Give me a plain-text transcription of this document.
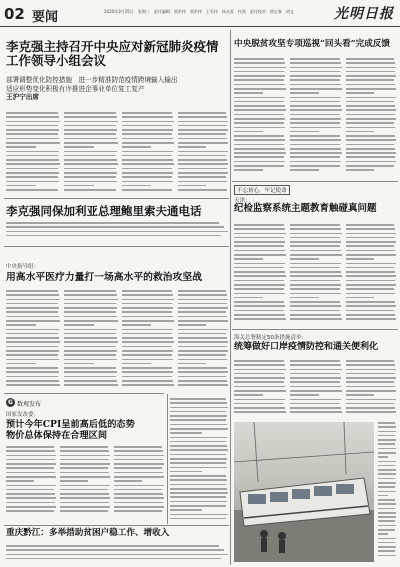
02 要闻	2020年3月25日　星期三　责任编辑：郭洪伟　郭洪伟　王军伟　杨友爱　杜凯　责任校对：徐宝春　胡文	光明日报
李克强主持召开中央应对新冠肺炎疫情
工作领导小组会议
部署调整优化防控措施　进一步精准防范疫情跨境输入输出
适应形势变化积极有序推进企事业单位复工复产
王沪宁出席
中央脱贫攻坚专项巡视“回头看”完成反馈
不忘初心，牢记使命
天津：
纪检监察系统主题教育触碰真问题
李克强同保加利亚总理鲍里索夫通电话
中央指导组：
用高水平医疗力量打一场高水平的救治攻坚战
G 数观发布
国家发改委：
预计今年CPI呈前高后低的态势
物价总体保持在合理区间
重庆黔江：多举措助贫困户稳工作、增收入
海关总署制定50条措施清单：
统筹做好口岸疫情防控和通关便利化
